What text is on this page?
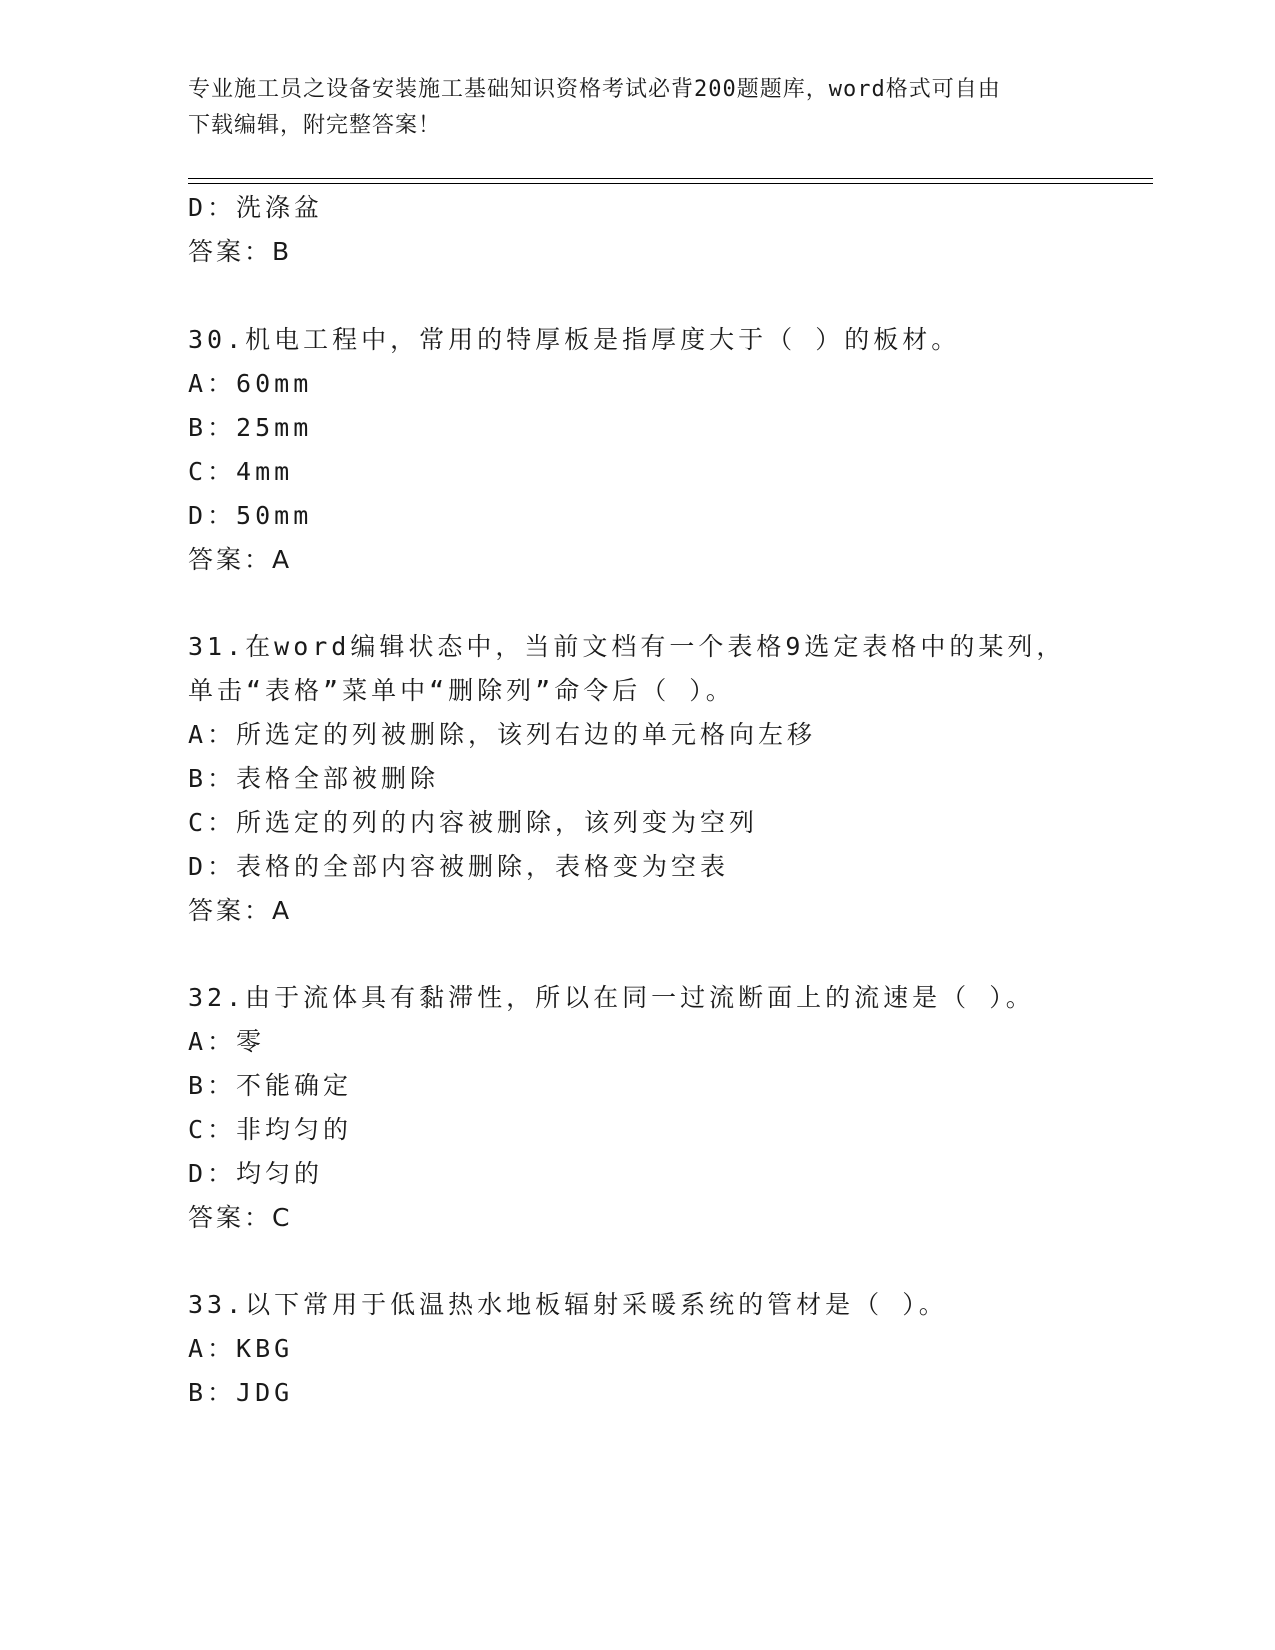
专业施工员之设备安装施工基础知识资格考试必背200题题库，word格式可自由
下载编辑，附完整答案！
D：洗涤盆
答案：B
30.机电工程中，常用的特厚板是指厚度大于（ ）的板材。
A：60mm
B：25mm
C：4mm
D：50mm
答案：A
31.在word编辑状态中，当前文档有一个表格9选定表格中的某列，
单击“表格”菜单中“删除列”命令后（ ）。
A：所选定的列被删除，该列右边的单元格向左移
B：表格全部被删除
C：所选定的列的内容被删除，该列变为空列
D：表格的全部内容被删除，表格变为空表
答案：A
32.由于流体具有黏滞性，所以在同一过流断面上的流速是（ ）。
A：零
B：不能确定
C：非均匀的
D：均匀的
答案：C
33.以下常用于低温热水地板辐射采暖系统的管材是（ ）。
A：KBG
B：JDG
